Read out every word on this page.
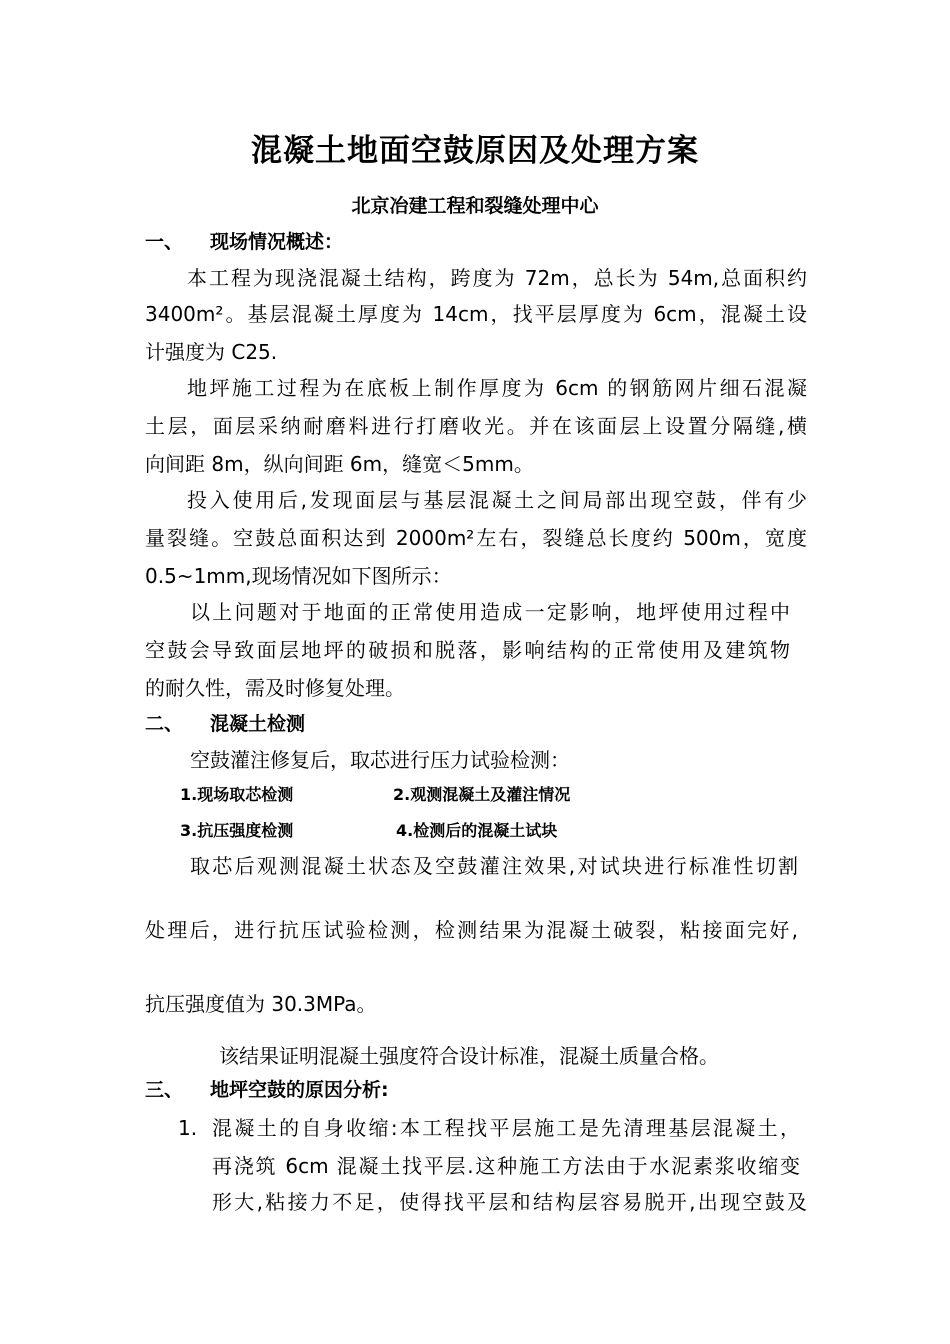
混凝土地面空鼓原因及处理方案
北京冶建工程和裂缝处理中心
一、 现场情况概述：
本工程为现浇混凝土结构，跨度为 72m，总长为 54m,总面积约
3400m²。基层混凝土厚度为 14cm，找平层厚度为 6cm，混凝土设
计强度为 C25.
地坪施工过程为在底板上制作厚度为 6cm 的钢筋网片细石混凝
土层，面层采纳耐磨料进行打磨收光。并在该面层上设置分隔缝,横
向间距 8m，纵向间距 6m，缝宽＜5mm。
投入使用后,发现面层与基层混凝土之间局部出现空鼓，伴有少
量裂缝。空鼓总面积达到 2000m²左右，裂缝总长度约 500m，宽度
0.5~1mm,现场情况如下图所示：
以上问题对于地面的正常使用造成一定影响，地坪使用过程中
空鼓会导致面层地坪的破损和脱落，影响结构的正常使用及建筑物
的耐久性，需及时修复处理。
二、 混凝土检测
空鼓灌注修复后，取芯进行压力试验检测：
1.现场取芯检测	2.观测混凝土及灌注情况
3.抗压强度检测	4.检测后的混凝土试块
取芯后观测混凝土状态及空鼓灌注效果,对试块进行标准性切割
处理后，进行抗压试验检测，检测结果为混凝土破裂，粘接面完好,
抗压强度值为 30.3MPa。
该结果证明混凝土强度符合设计标准，混凝土质量合格。
三、 地坪空鼓的原因分析:
1. 混凝土的自身收缩:本工程找平层施工是先清理基层混凝土，
再浇筑 6cm 混凝土找平层.这种施工方法由于水泥素浆收缩变
形大,粘接力不足，使得找平层和结构层容易脱开,出现空鼓及
